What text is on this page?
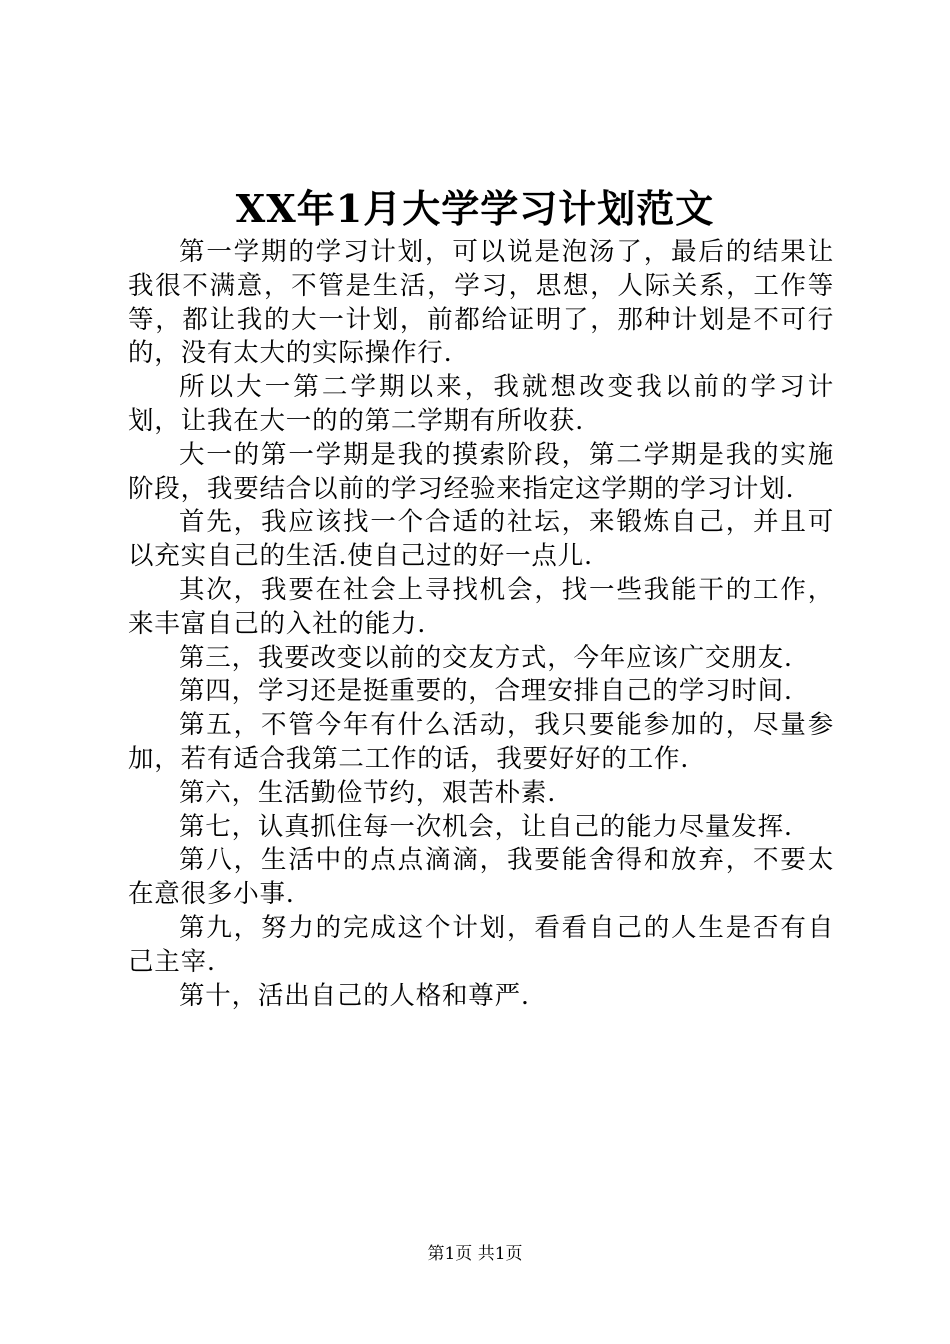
XX年1月大学学习计划范文

第一学期的学习计划，可以说是泡汤了，最后的结果让我很不满意，不管是生活，学习，思想，人际关系，工作等等，都让我的大一计划，前都给证明了，那种计划是不可行的，没有太大的实际操作行.

所以大一第二学期以来，我就想改变我以前的学习计划，让我在大一的的第二学期有所收获.

大一的第一学期是我的摸索阶段，第二学期是我的实施阶段，我要结合以前的学习经验来指定这学期的学习计划.

首先，我应该找一个合适的社坛，来锻炼自己，并且可以充实自己的生活.使自己过的好一点儿.

其次，我要在社会上寻找机会，找一些我能干的工作，来丰富自己的入社的能力.

第三，我要改变以前的交友方式，今年应该广交朋友.

第四，学习还是挺重要的，合理安排自己的学习时间.

第五，不管今年有什么活动，我只要能参加的，尽量参加，若有适合我第二工作的话，我要好好的工作.

第六，生活勤俭节约，艰苦朴素.

第七，认真抓住每一次机会，让自己的能力尽量发挥.

第八，生活中的点点滴滴，我要能舍得和放弃，不要太在意很多小事.

第九，努力的完成这个计划，看看自己的人生是否有自己主宰.

第十，活出自己的人格和尊严.

第1页 共1页
